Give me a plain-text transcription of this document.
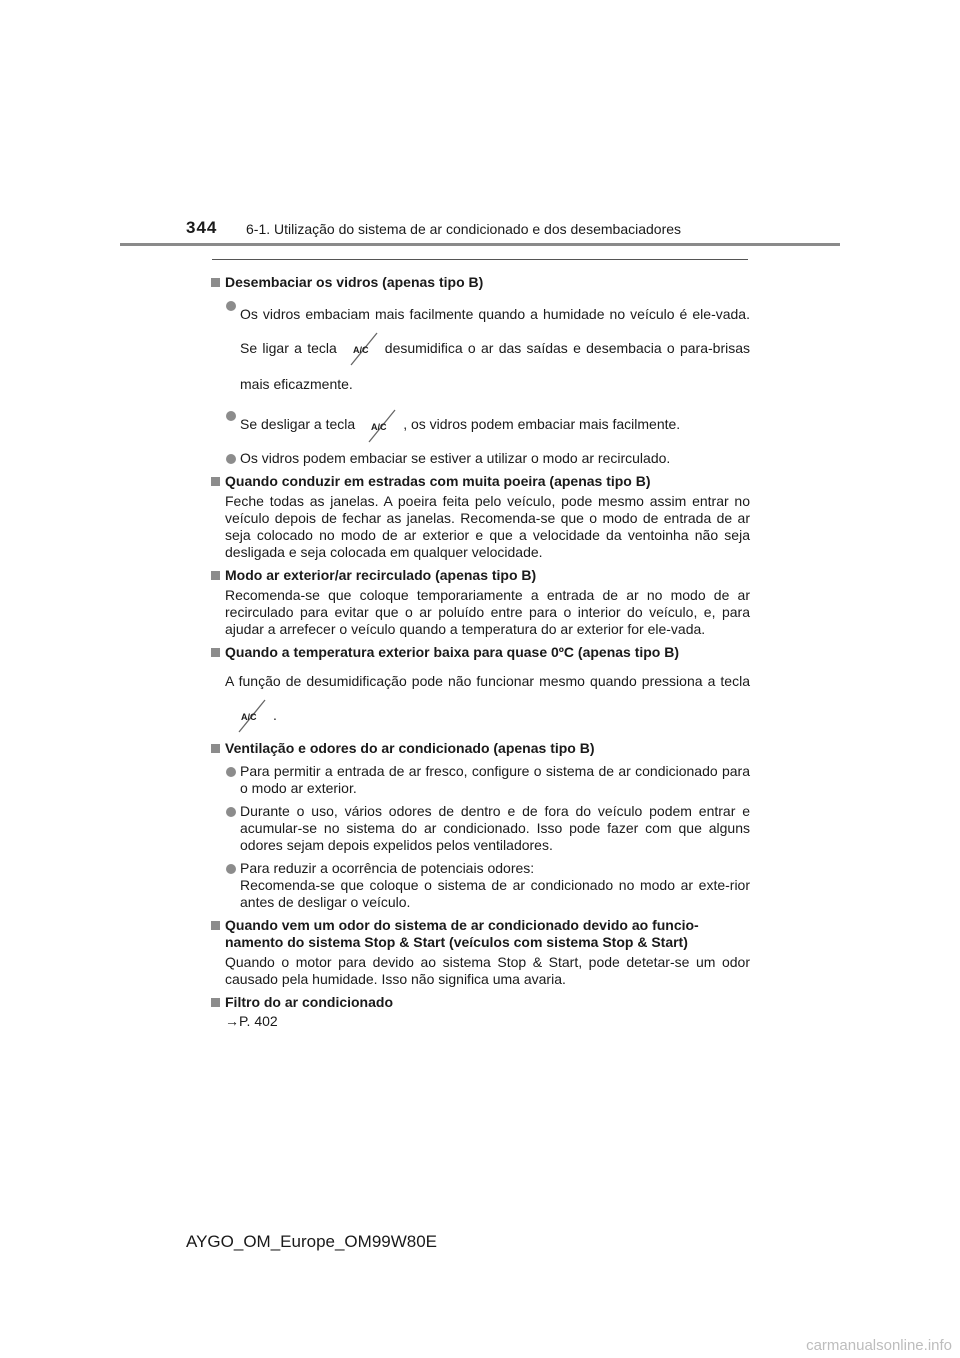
344 6-1. Utilização do sistema de ar condicionado e dos desembaciadores
Desembaciar os vidros (apenas tipo B)
Os vidros embaciam mais facilmente quando a humidade no veículo é ele-vada. Se ligar a tecla A/C desumidifica o ar das saídas e desembacia o para-brisas mais eficazmente.
Se desligar a tecla A/C , os vidros podem embaciar mais facilmente.
Os vidros podem embaciar se estiver a utilizar o modo ar recirculado.
Quando conduzir em estradas com muita poeira (apenas tipo B)
Feche todas as janelas. A poeira feita pelo veículo, pode mesmo assim entrar no veículo depois de fechar as janelas. Recomenda-se que o modo de entrada de ar seja colocado no modo de ar exterior e que a velocidade da ventoinha não seja desligada e seja colocada em qualquer velocidade.
Modo ar exterior/ar recirculado (apenas tipo B)
Recomenda-se que coloque temporariamente a entrada de ar no modo de ar recirculado para evitar que o ar poluído entre para o interior do veículo, e, para ajudar a arrefecer o veículo quando a temperatura do ar exterior for ele-vada.
Quando a temperatura exterior baixa para quase 0ºC (apenas tipo B)
A função de desumidificação pode não funcionar mesmo quando pressiona a tecla
A/C .
Ventilação e odores do ar condicionado (apenas tipo B)
Para permitir a entrada de ar fresco, configure o sistema de ar condicionado para o modo ar exterior.
Durante o uso, vários odores de dentro e de fora do veículo podem entrar e acumular-se no sistema do ar condicionado. Isso pode fazer com que alguns odores sejam depois expelidos pelos ventiladores.
Para reduzir a ocorrência de potenciais odores:
Recomenda-se que coloque o sistema de ar condicionado no modo ar exte-rior antes de desligar o veículo.
Quando vem um odor do sistema de ar condicionado devido ao funcio-namento do sistema Stop & Start (veículos com sistema Stop & Start)
Quando o motor para devido ao sistema Stop & Start, pode detetar-se um odor causado pela humidade. Isso não significa uma avaria.
Filtro do ar condicionado
→P. 402
AYGO_OM_Europe_OM99W80E
carmanualsonline.info
